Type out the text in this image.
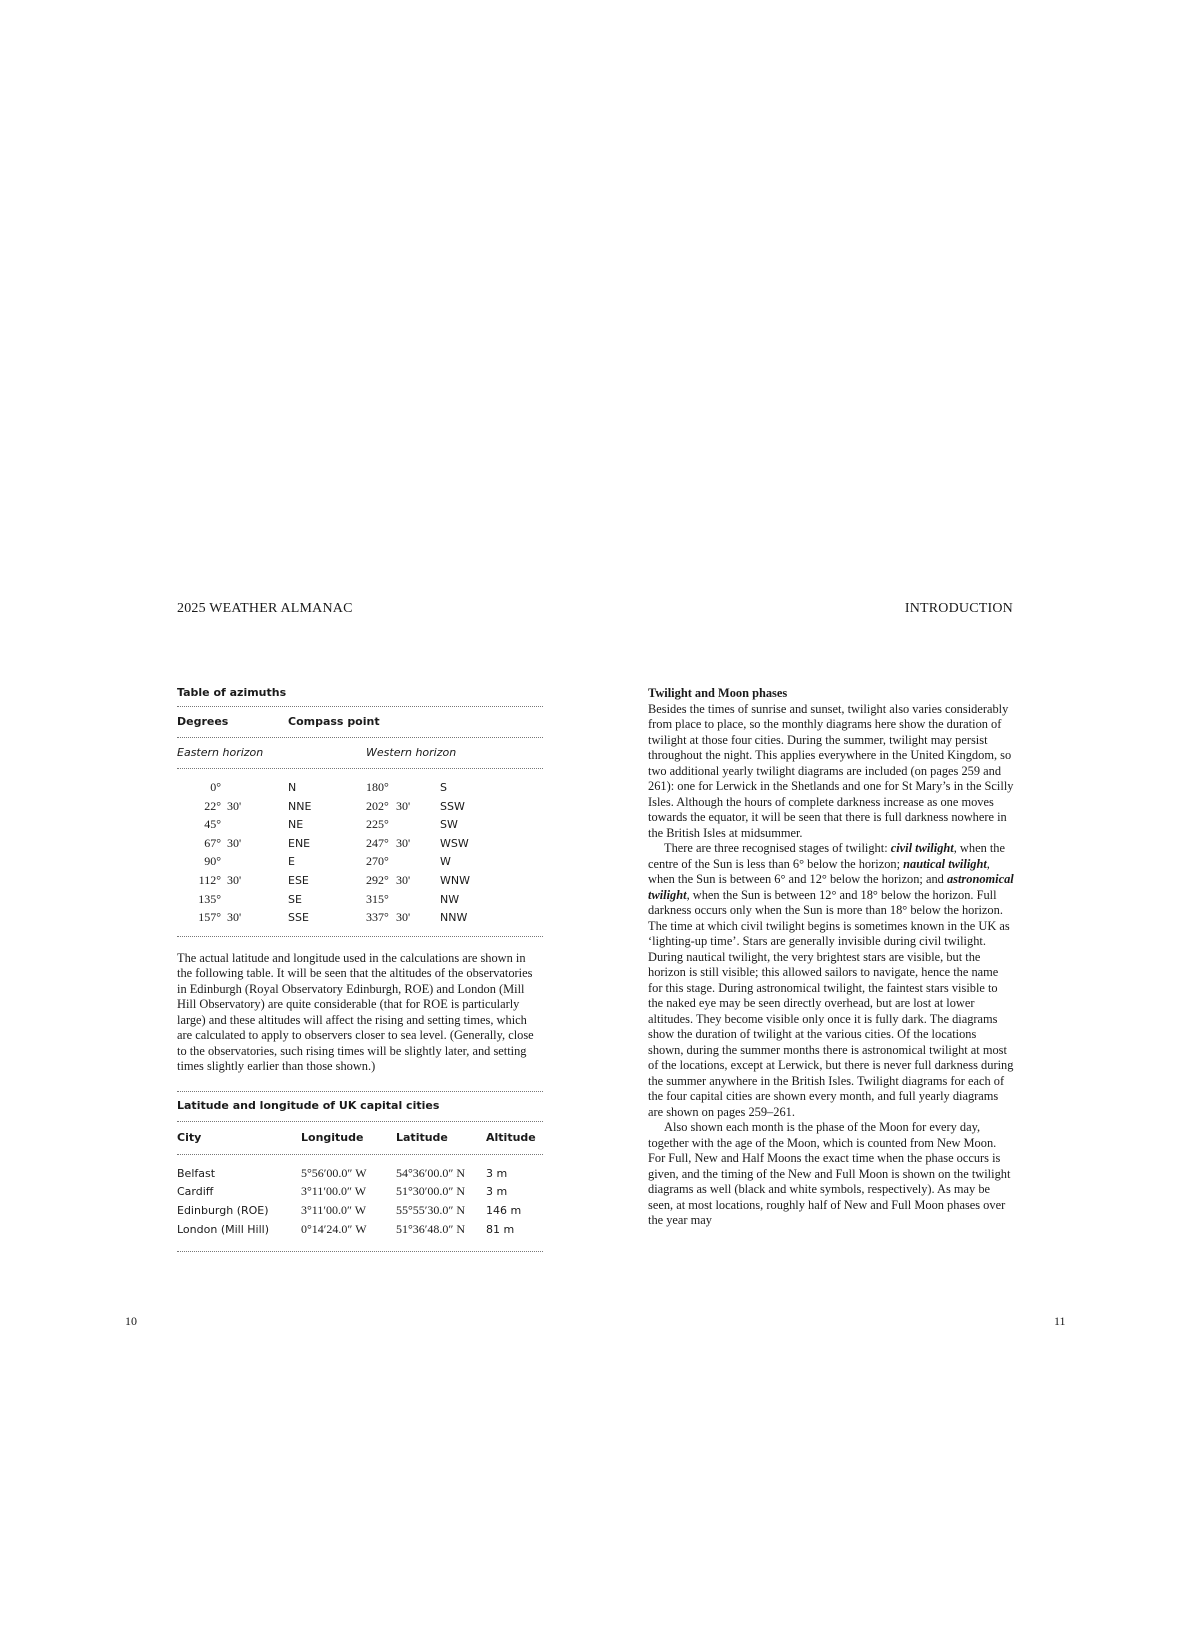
2025 WEATHER ALMANAC	INTRODUCTION
Table of azimuths
Degrees	Compass point
Eastern horizon	Western horizon
0°	N	180°	S
22° 30'	NNE	202° 30'	SSW
45°	NE	225°	SW
67° 30'	ENE	247° 30'	WSW
90°	E	270°	W
112° 30'	ESE	292° 30'	WNW
135°	SE	315°	NW
157° 30'	SSE	337° 30'	NNW

The actual latitude and longitude used in the calculations are shown in the following table. It will be seen that the altitudes of the observatories in Edinburgh (Royal Observatory Edinburgh, ROE) and London (Mill Hill Observatory) are quite considerable (that for ROE is particularly large) and these altitudes will affect the rising and setting times, which are calculated to apply to observers closer to sea level. (Generally, close to the observatories, such rising times will be slightly later, and setting times slightly earlier than those shown.)

Latitude and longitude of UK capital cities
City	Longitude	Latitude	Altitude
Belfast	5°56′00.0″ W 54°36′00.0″ N 3 m
Cardiff	3°11′00.0″ W 51°30′00.0″ N 3 m
Edinburgh (ROE)	3°11′00.0″ W 55°55′30.0″ N 146 m
London (Mill Hill)	0°14′24.0″ W 51°36′48.0″ N 81 m
Twilight and Moon phases

Besides the times of sunrise and sunset, twilight also varies considerably from place to place, so the monthly diagrams here show the duration of twilight at those four cities. During the summer, twilight may persist throughout the night. This applies everywhere in the United Kingdom, so two additional yearly twilight diagrams are included (on pages 259 and 261): one for Lerwick in the Shetlands and one for St Mary’s in the Scilly Isles. Although the hours of complete darkness increase as one moves towards the equator, it will be seen that there is full darkness nowhere in the British Isles at midsummer.

There are three recognised stages of twilight: civil twilight, when the centre of the Sun is less than 6° below the horizon; nautical twilight, when the Sun is between 6° and 12° below the horizon; and astronomical twilight, when the Sun is between 12° and 18° below the horizon. Full darkness occurs only when the Sun is more than 18° below the horizon. The time at which civil twilight begins is sometimes known in the UK as ‘lighting-up time’. Stars are generally invisible during civil twilight. During nautical twilight, the very brightest stars are visible, but the horizon is still visible; this allowed sailors to navigate, hence the name for this stage. During astronomical twilight, the faintest stars visible to the naked eye may be seen directly overhead, but are lost at lower altitudes. They become visible only once it is fully dark. The diagrams show the duration of twilight at the various cities. Of the locations shown, during the summer months there is astronomical twilight at most of the locations, except at Lerwick, but there is never full darkness during the summer anywhere in the British Isles. Twilight diagrams for each of the four capital cities are shown every month, and full yearly diagrams are shown on pages 259–261.

Also shown each month is the phase of the Moon for every day, together with the age of the Moon, which is counted from New Moon. For Full, New and Half Moons the exact time when the phase occurs is given, and the timing of the New and Full Moon is shown on the twilight diagrams as well (black and white symbols, respectively). As may be seen, at most locations, roughly half of New and Full Moon phases over the year may

10	11
